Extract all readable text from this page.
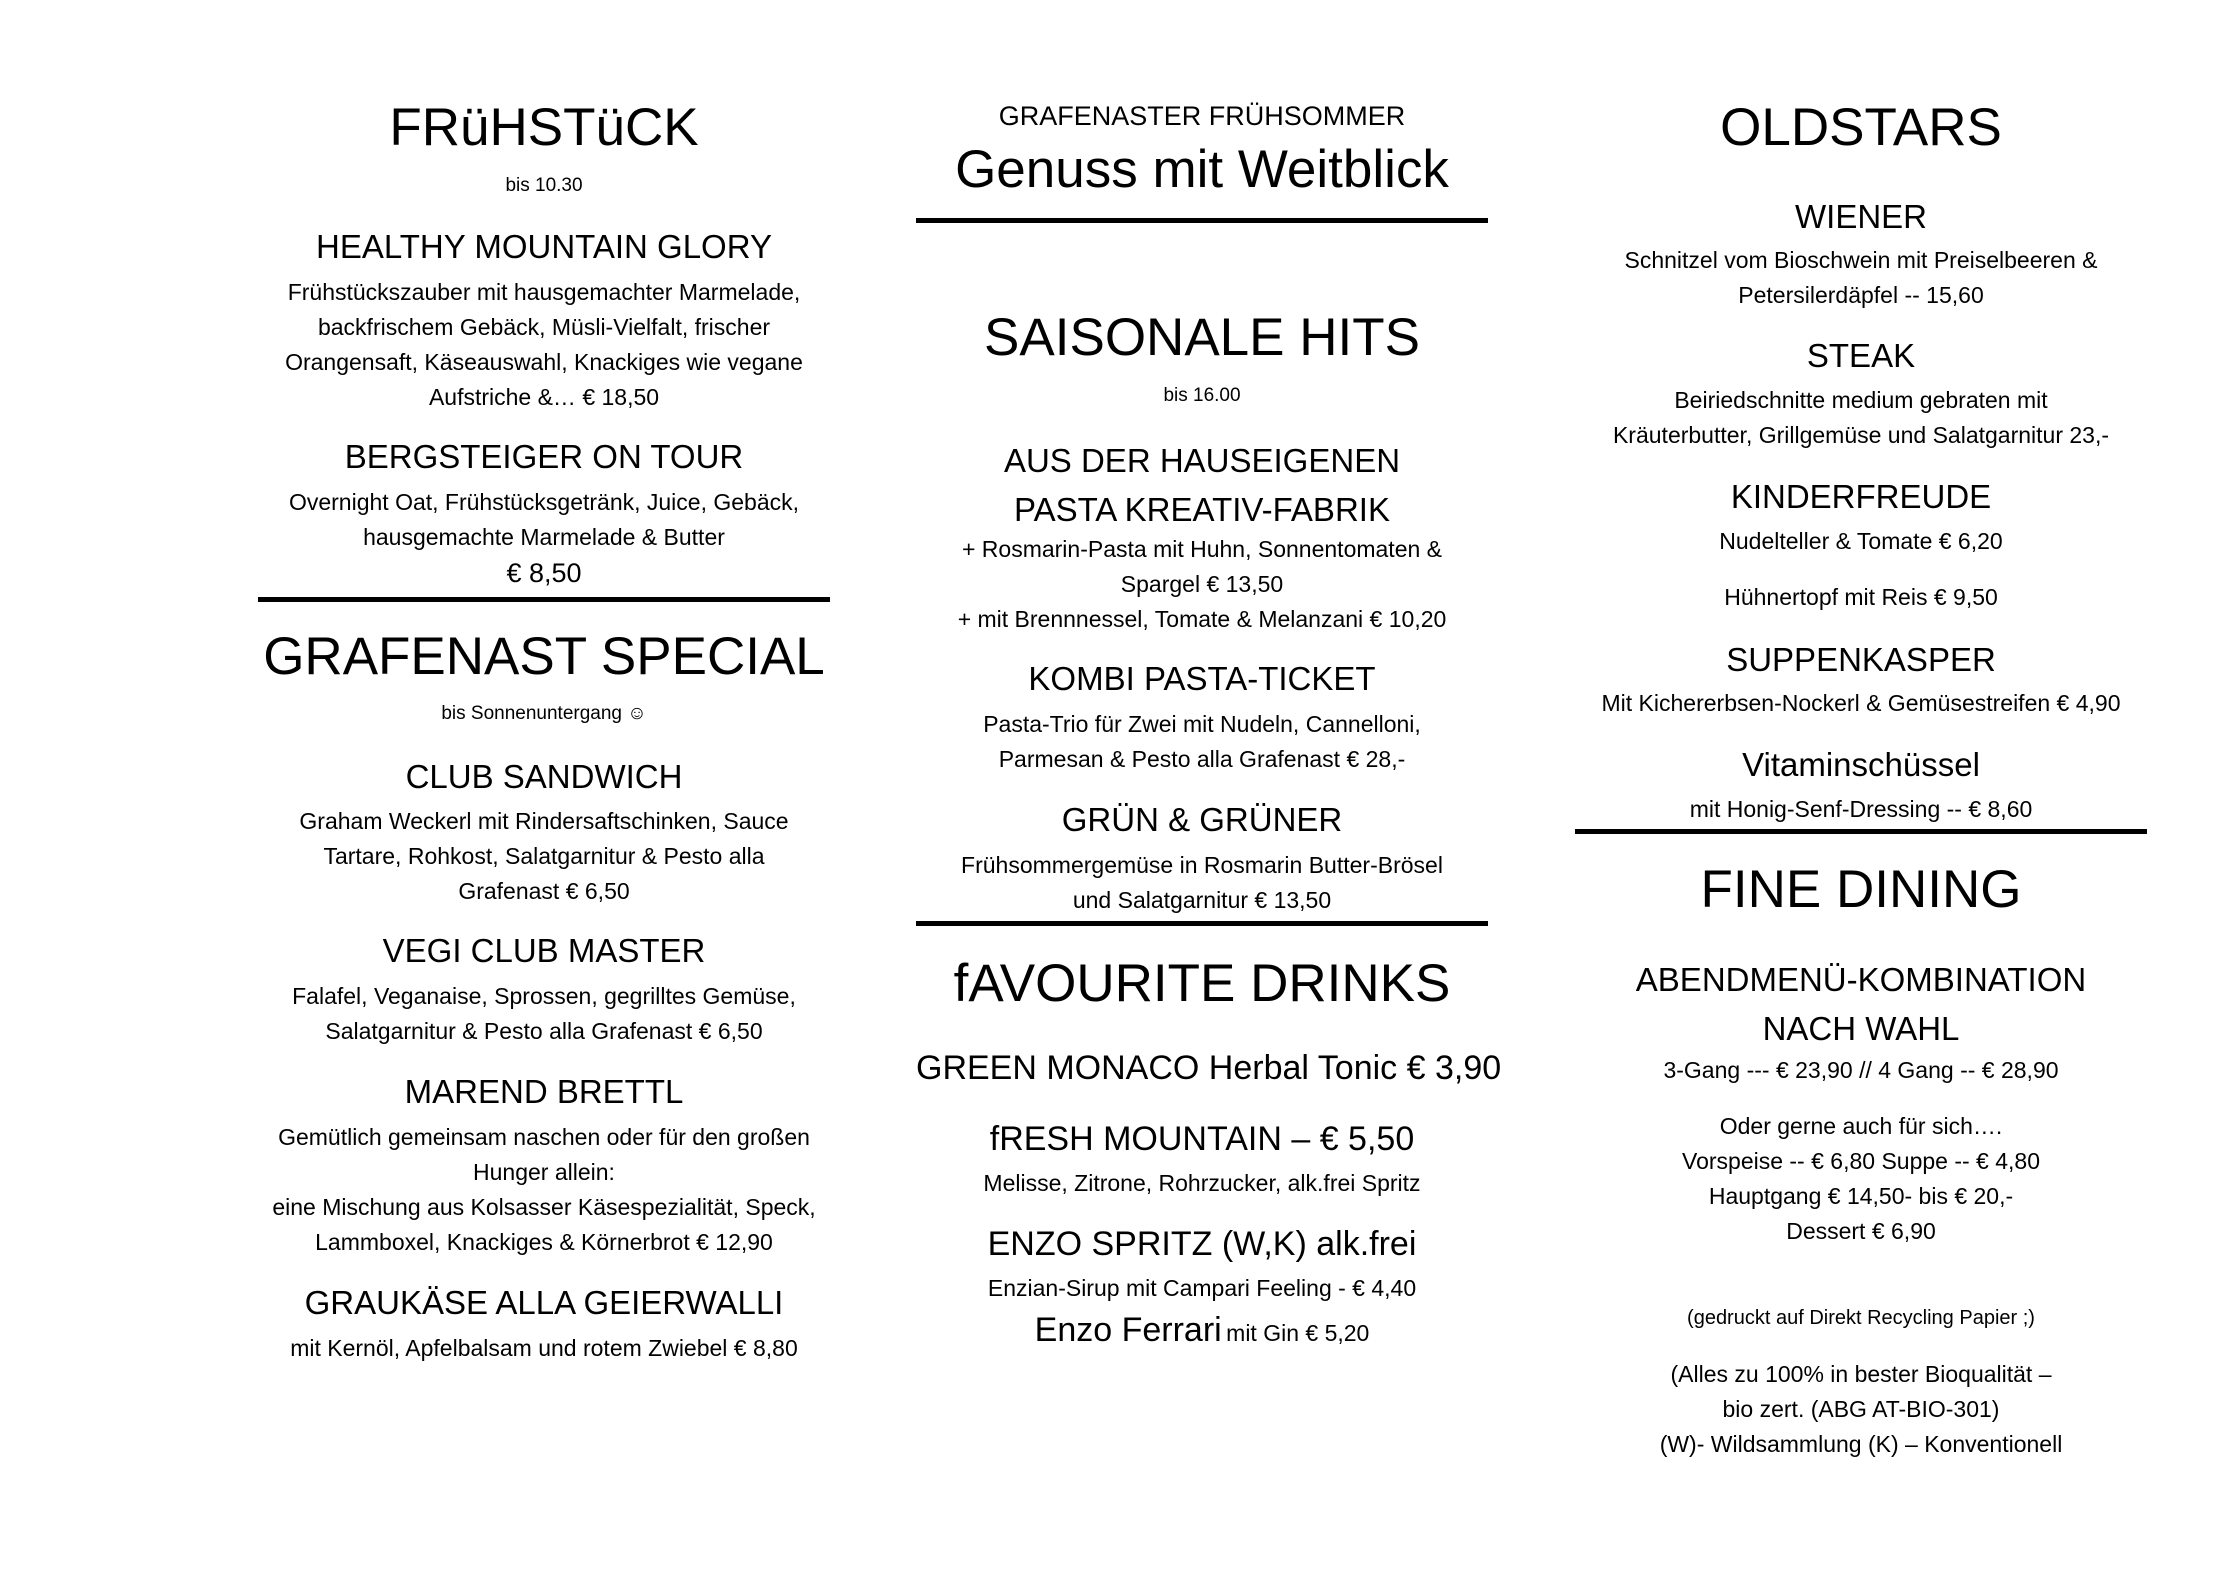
FRüHSTüCK
bis 10.30
HEALTHY MOUNTAIN GLORY
Frühstückszauber mit hausgemachter Marmelade,
backfrischem Gebäck, Müsli-Vielfalt, frischer
Orangensaft, Käseauswahl, Knackiges wie vegane
Aufstriche &… € 18,50
BERGSTEIGER ON TOUR
Overnight Oat, Frühstücksgetränk, Juice, Gebäck,
hausgemachte Marmelade & Butter
€ 8,50
GRAFENAST SPECIAL
bis Sonnenuntergang ☺
CLUB SANDWICH
Graham Weckerl mit Rindersaftschinken, Sauce
Tartare, Rohkost, Salatgarnitur & Pesto alla
Grafenast € 6,50
VEGI CLUB MASTER
Falafel, Veganaise, Sprossen, gegrilltes Gemüse,
Salatgarnitur & Pesto alla Grafenast € 6,50
MAREND BRETTL
Gemütlich gemeinsam naschen oder für den großen
Hunger allein:
eine Mischung aus Kolsasser Käsespezialität, Speck,
Lammboxel, Knackiges & Körnerbrot € 12,90
GRAUKÄSE ALLA GEIERWALLI
mit Kernöl, Apfelbalsam und rotem Zwiebel € 8,80
GRAFENASTER FRÜHSOMMER
Genuss mit Weitblick
SAISONALE HITS
bis 16.00
AUS DER HAUSEIGENEN
PASTA KREATIV-FABRIK
+ Rosmarin-Pasta mit Huhn, Sonnentomaten &
Spargel € 13,50
+ mit Brennnessel, Tomate & Melanzani € 10,20
KOMBI PASTA-TICKET
Pasta-Trio für Zwei mit Nudeln, Cannelloni,
Parmesan & Pesto alla Grafenast € 28,-
GRÜN & GRÜNER
Frühsommergemüse in Rosmarin Butter-Brösel
und Salatgarnitur € 13,50
fAVOURITE DRINKS
GREEN MONACO Herbal Tonic € 3,90
fRESH MOUNTAIN – € 5,50
Melisse, Zitrone, Rohrzucker, alk.frei Spritz
ENZO SPRITZ (W,K) alk.frei
Enzian-Sirup mit Campari Feeling - € 4,40
Enzo Ferrari mit Gin € 5,20
OLDSTARS
WIENER
Schnitzel vom Bioschwein mit Preiselbeeren &
Petersilerdäpfel -- 15,60
STEAK
Beiriedschnitte medium gebraten mit
Kräuterbutter, Grillgemüse und Salatgarnitur 23,-
KINDERFREUDE
Nudelteller & Tomate € 6,20
Hühnertopf mit Reis € 9,50
SUPPENKASPER
Mit Kichererbsen-Nockerl & Gemüsestreifen € 4,90
Vitaminschüssel
mit Honig-Senf-Dressing -- € 8,60
FINE DINING
ABENDMENÜ-KOMBINATION
NACH WAHL
3-Gang --- € 23,90 // 4 Gang -- € 28,90
Oder gerne auch für sich….
Vorspeise -- € 6,80 Suppe -- € 4,80
Hauptgang € 14,50- bis € 20,-
Dessert € 6,90
(gedruckt auf Direkt Recycling Papier ;)
(Alles zu 100% in bester Bioqualität –
bio zert. (ABG AT-BIO-301)
(W)- Wildsammlung (K) – Konventionell
